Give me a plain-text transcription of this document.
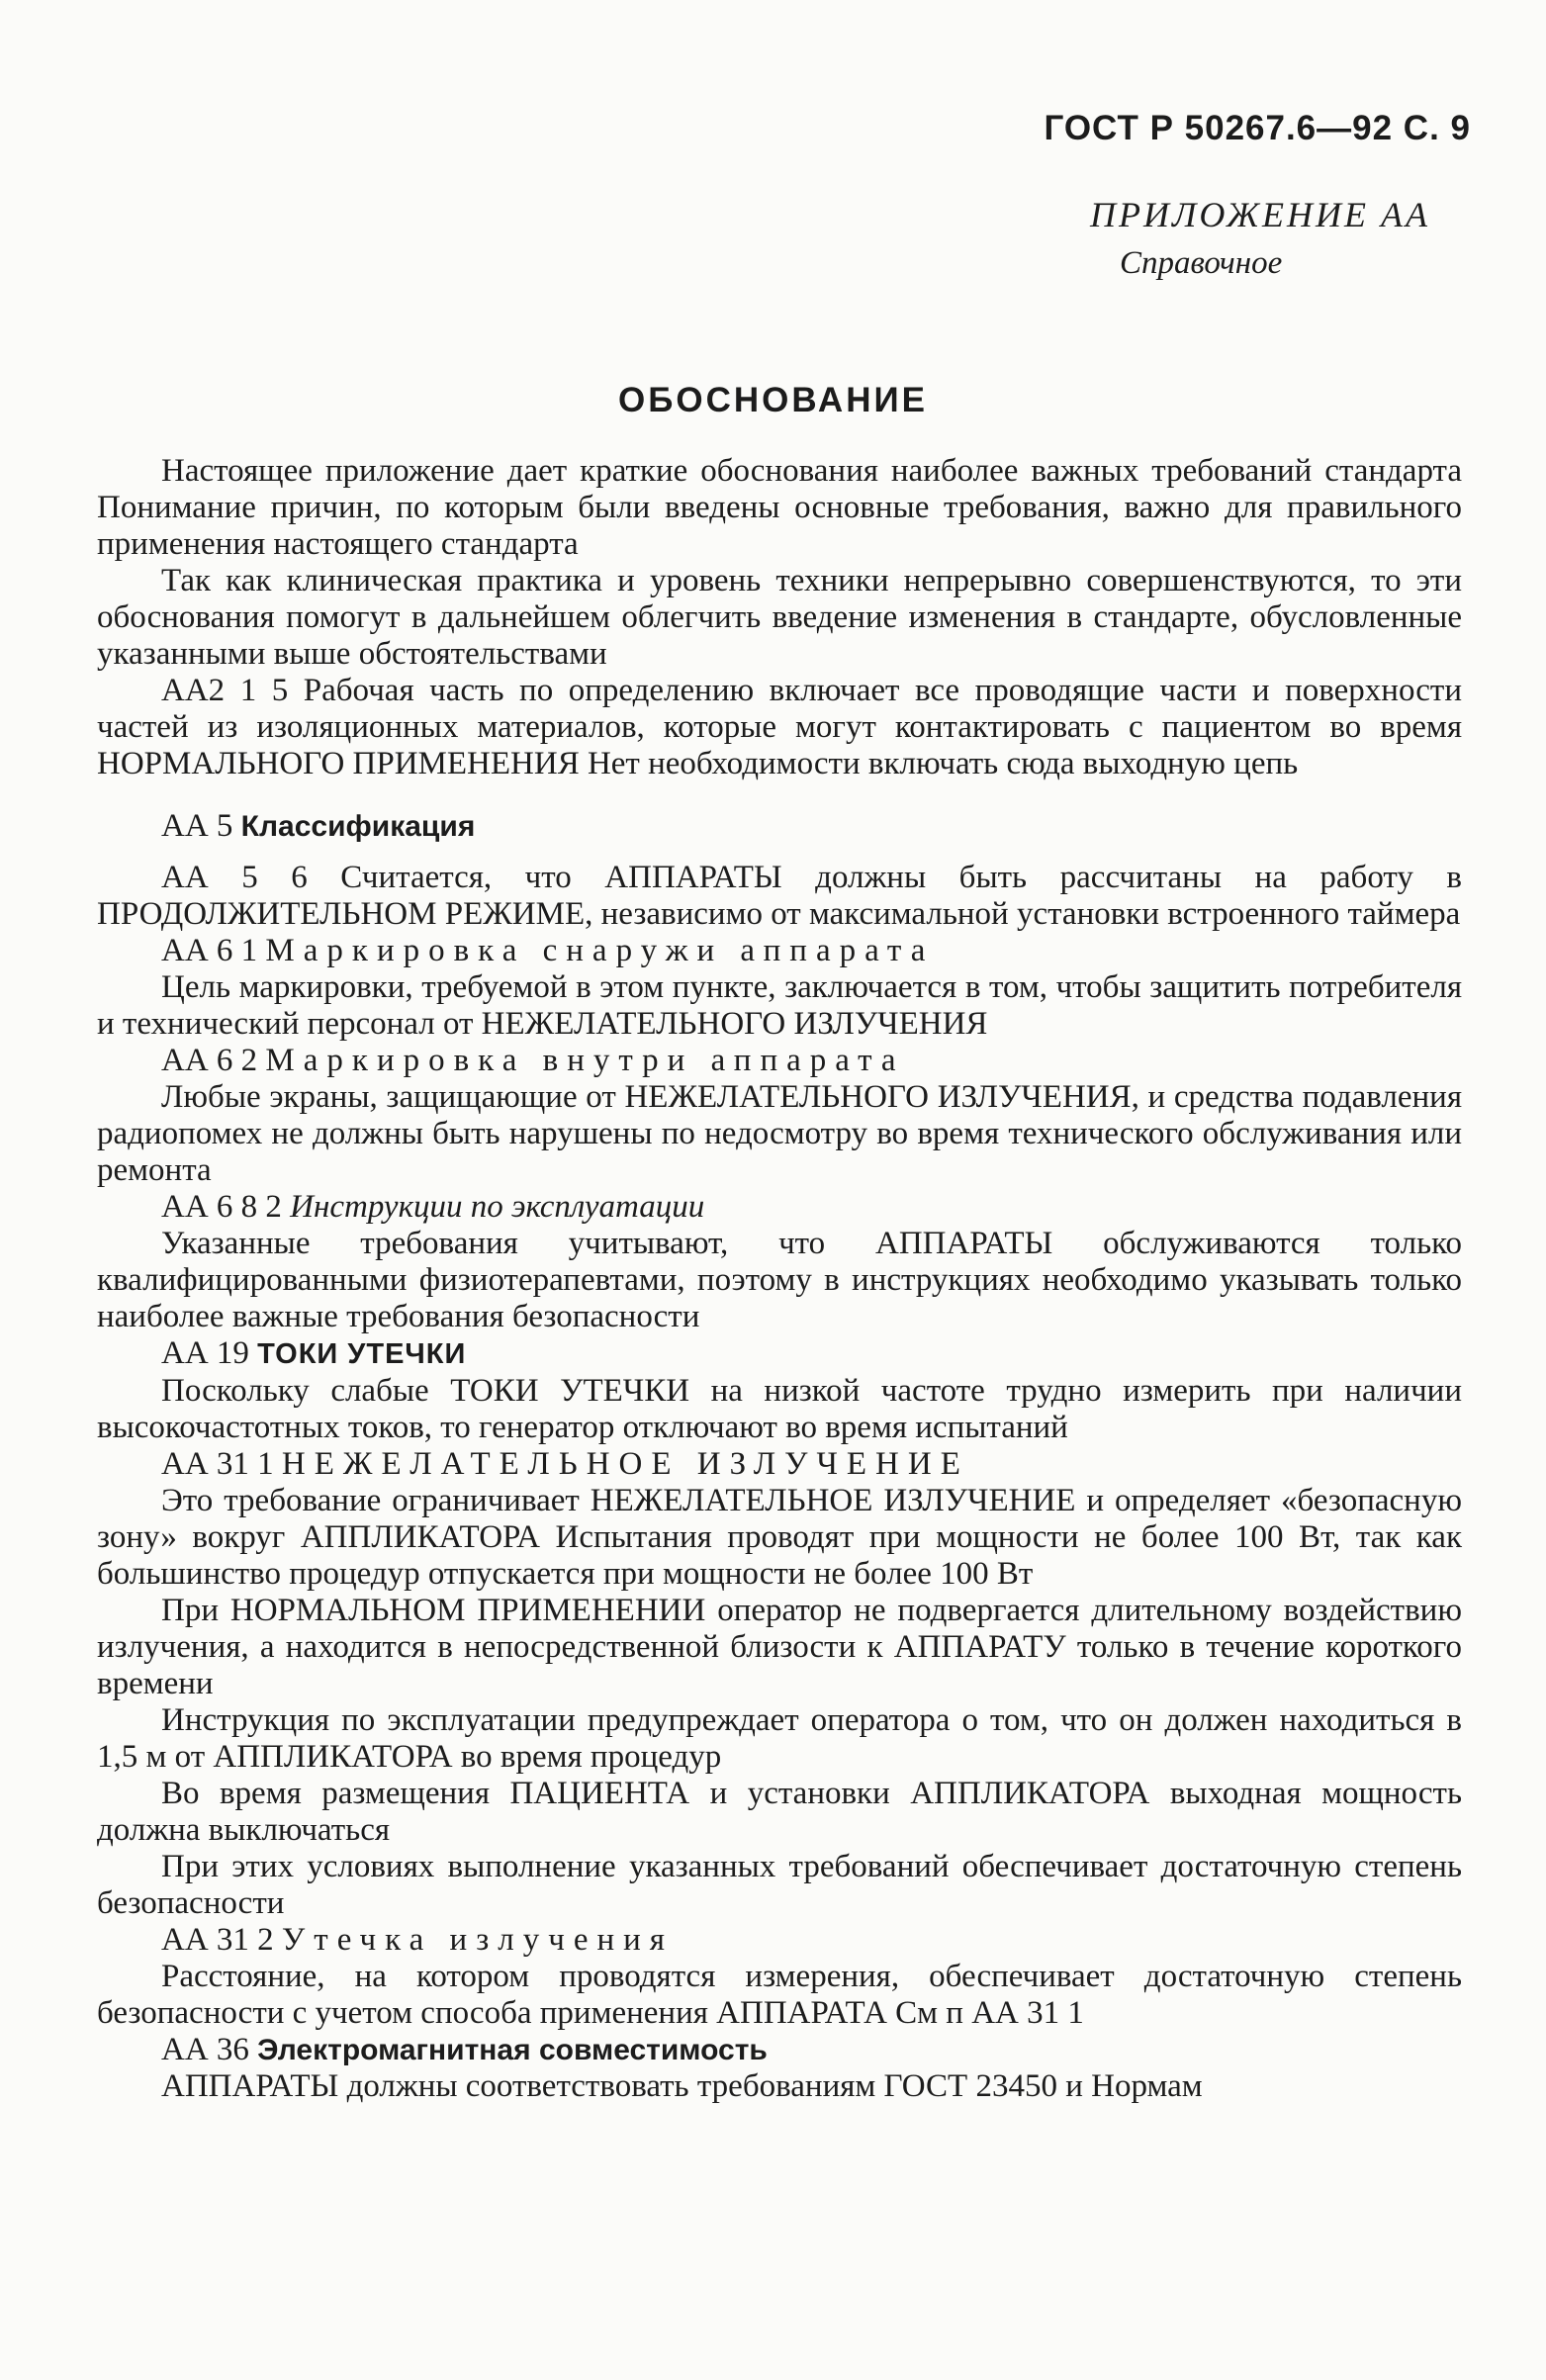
ГОСТ Р 50267.6—92 С. 9
ПРИЛОЖЕНИЕ АА
Справочное
ОБОСНОВАНИЕ

Настоящее приложение дает краткие обоснования наиболее важных требований стандарта Понимание причин, по которым были введены основные требования, важно для правильного применения настоящего стандарта

Так как клиническая практика и уровень техники непрерывно совершенствуются, то эти обоснования помогут в дальнейшем облегчить введение изменения в стандарте, обусловленные указанными выше обстоятельствами

АА2 1 5 Рабочая часть по определению включает все проводящие части и поверхности частей из изоляционных материалов, которые могут контактировать с пациентом во время НОРМАЛЬНОГО ПРИМЕНЕНИЯ Нет необходимости включать сюда выходную цепь

АА 5 Классификация

АА 5 6 Считается, что АППАРАТЫ должны быть рассчитаны на работу в ПРОДОЛЖИТЕЛЬНОМ РЕЖИМЕ, независимо от максимальной установки встроенного таймера

АА 6 1 Маркировка снаружи аппарата

Цель маркировки, требуемой в этом пункте, заключается в том, чтобы защитить потребителя и технический персонал от НЕЖЕЛАТЕЛЬНОГО ИЗЛУЧЕНИЯ

АА 6 2 Маркировка внутри аппарата

Любые экраны, защищающие от НЕЖЕЛАТЕЛЬНОГО ИЗЛУЧЕНИЯ, и средства подавления радиопомех не должны быть нарушены по недосмотру во время технического обслуживания или ремонта

АА 6 8 2 Инструкции по эксплуатации

Указанные требования учитывают, что АППАРАТЫ обслуживаются только квалифицированными физиотерапевтами, поэтому в инструкциях необходимо указывать только наиболее важные требования безопасности

АА 19 ТОКИ УТЕЧКИ

Поскольку слабые ТОКИ УТЕЧКИ на низкой частоте трудно измерить при наличии высокочастотных токов, то генератор отключают во время испытаний

АА 31 1 НЕЖЕЛАТЕЛЬНОЕ ИЗЛУЧЕНИЕ

Это требование ограничивает НЕЖЕЛАТЕЛЬНОЕ ИЗЛУЧЕНИЕ и определяет «безопасную зону» вокруг АППЛИКАТОРА Испытания проводят при мощности не более 100 Вт, так как большинство процедур отпускается при мощности не более 100 Вт

При НОРМАЛЬНОМ ПРИМЕНЕНИИ оператор не подвергается длительному воздействию излучения, а находится в непосредственной близости к АППАРАТУ только в течение короткого времени

Инструкция по эксплуатации предупреждает оператора о том, что он должен находиться в 1,5 м от АППЛИКАТОРА во время процедур

Во время размещения ПАЦИЕНТА и установки АППЛИКАТОРА выходная мощность должна выключаться

При этих условиях выполнение указанных требований обеспечивает достаточную степень безопасности

АА 31 2 Утечка излучения

Расстояние, на котором проводятся измерения, обеспечивает достаточную степень безопасности с учетом способа применения АППАРАТА См п АА 31 1

АА 36 Электромагнитная совместимость

АППАРАТЫ должны соответствовать требованиям ГОСТ 23450 и Нормам
